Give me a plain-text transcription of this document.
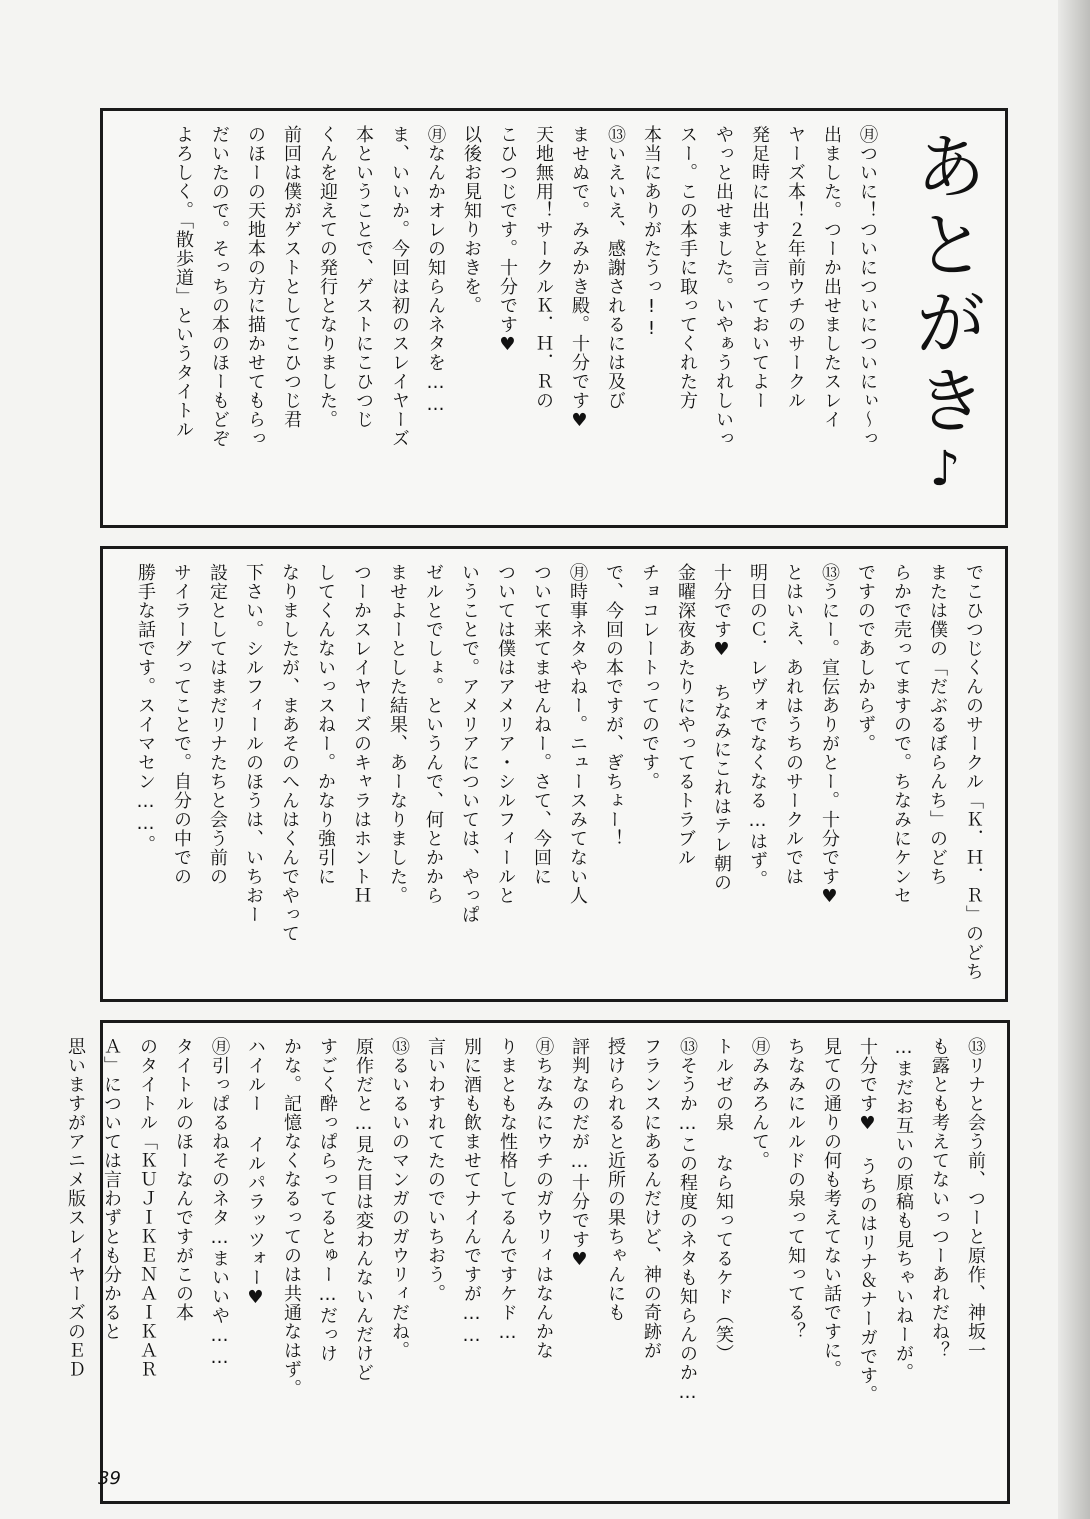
あとがき♪
㊊ついに！ついについについにぃ〜っ
出ました。つーか出せましたスレイ
ヤーズ本！２年前ウチのサークル
発足時に出すと言っておいてよー
やっと出せました。いやぁうれしいっ
スー。この本手に取ってくれた方
本当にありがたうっ!!
⑬いえいえ、感謝されるには及び
ませぬで。みみかき殿。十分です♥
天地無用！サークルＫ．Ｈ．Ｒの
こひつじです。十分です♥
以後お見知りおきを。
㊊なんかオレの知らんネタを……
ま、いいか。今回は初のスレイヤーズ
本ということで、ゲストにこひつじ
くんを迎えての発行となりました。
前回は僕がゲストとしてこひつじ君
のほーの天地本の方に描かせてもらっ
だいたので。そっちの本のほーもどぞ
よろしく。「散歩道」というタイトル
でこひつじくんのサークル「Ｋ．Ｈ．Ｒ」のどち
または僕の「だぶるぼらんち」のどち
らかで売ってますので。ちなみにケンセ
ですのであしからず。
⑬うにー。宣伝ありがとー。十分です♥
とはいえ、あれはうちのサークルでは
明日のＣ．レヴォでなくなる…はず。
十分です♥ ちなみにこれはテレ朝の
金曜深夜あたりにやってるトラブル
チョコレートってのです。
で、今回の本ですが、ぎちょー！
㊊時事ネタやねー。ニュースみてない人
ついて来てませんねー。さて、今回に
ついては僕はアメリア・シルフィールと
いうことで。アメリアについては、やっぱ
ゼルとでしょ。というんで、何とかから
ませよーとした結果、あーなりました。
つーかスレイヤーズのキャラはホントＨ
してくんないっスねー。かなり強引に
なりましたが、まあそのへんはくんでやって
下さい。シルフィールのほうは、いちおー
設定としてはまだリナたちと会う前の
サイラーグってことで。自分の中での
勝手な話です。スイマセン……。
⑬リナと会う前、つーと原作、神坂一
も露とも考えてないっつーあれだね？
…まだお互いの原稿も見ちゃいねーが。
十分です♥ うちのはリナ＆ナーガです。
見ての通りの何も考えてない話ですに。
ちなみにルルドの泉って知ってる？
㊊みみろんて。
トルゼの泉 なら知ってるケド（笑）
⑬そうか…この程度のネタも知らんのか…
フランスにあるんだけど、神の奇跡が
授けられると近所の果ちゃんにも
評判なのだが…十分です♥
㊊ちなみにウチのガウリィはなんかな
りまともな性格してるんですケド…
別に酒も飲ませてナイんですが……
言いわすれてたのでいちおう。
⑬るいるいのマンガのガウリィだね。
原作だと…見た目は変わんないんだけど
すごく酔っぱらってるとゅー…だっけ
かな。記憶なくなるってのは共通なはず。
ハイルー イルパラッツォー♥
㊊引っぱるねそのネタ…まいいや……
タイトルのほーなんですがこの本
のタイトル「ＫＵＪＩＫＥＮＡＩＫＡＲ
Ａ」については言わずとも分かると
思いますがアニメ版スレイヤーズのＥＤ
39
